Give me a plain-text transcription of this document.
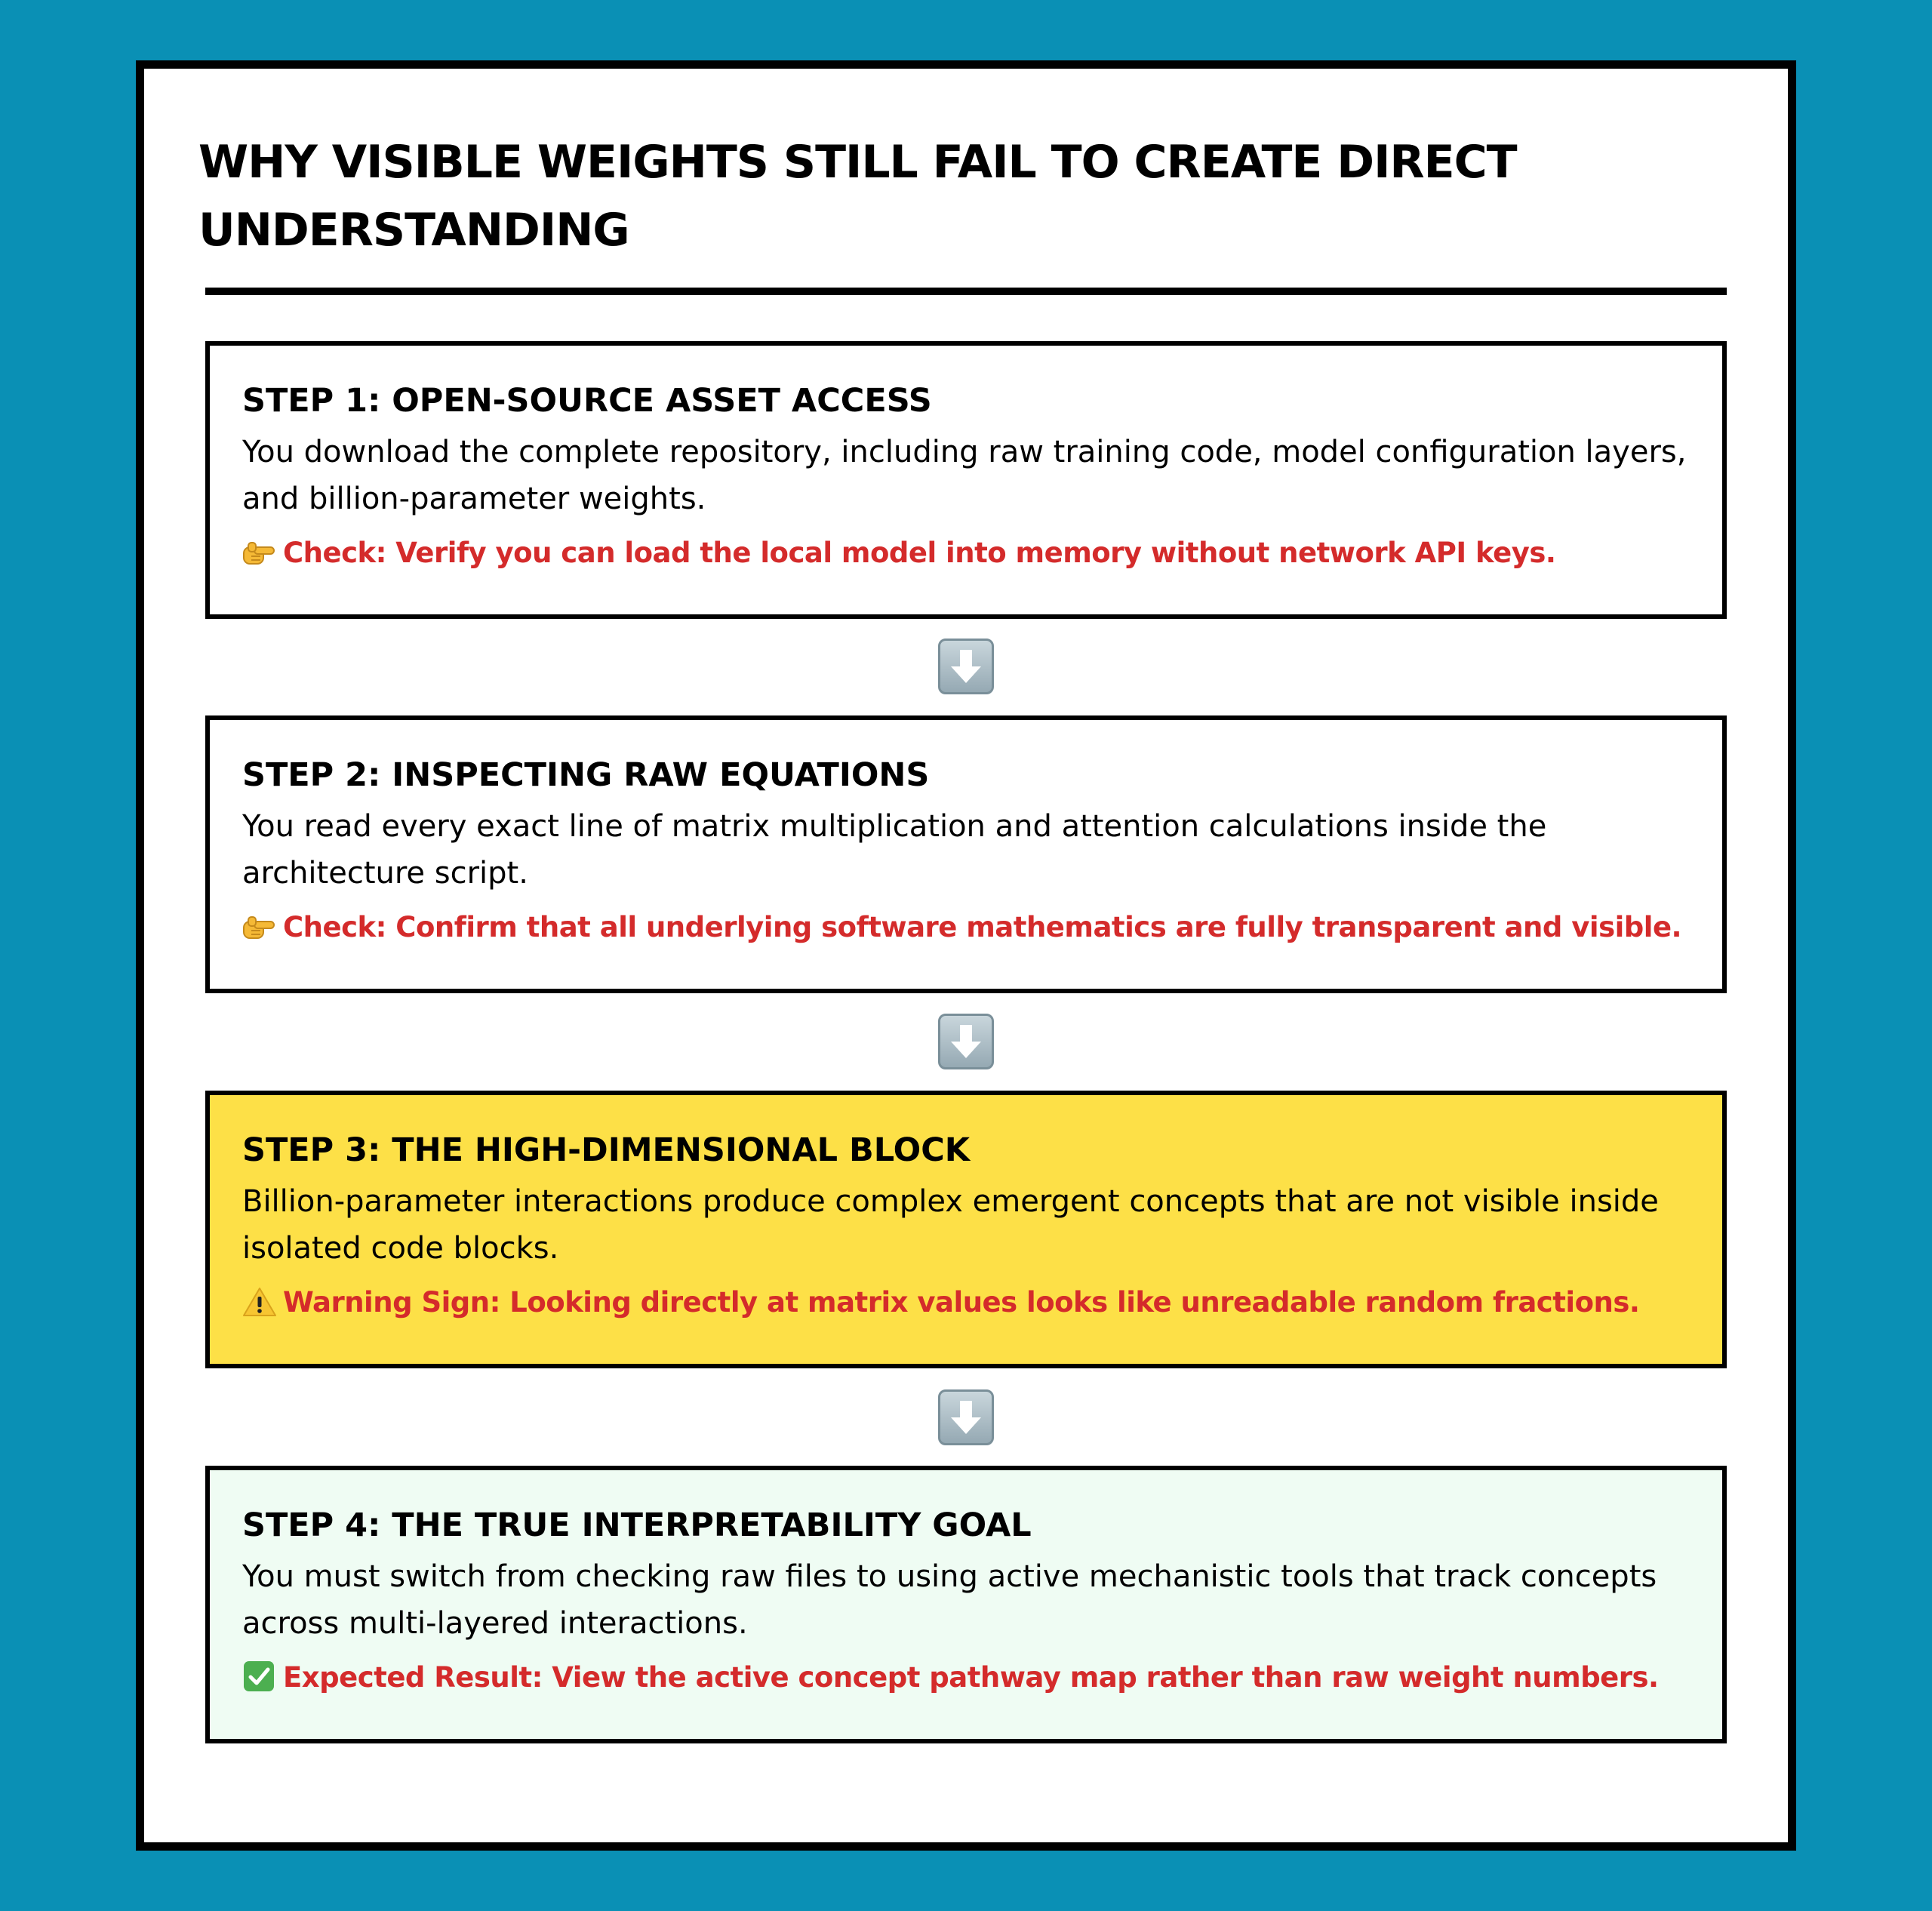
WHY VISIBLE WEIGHTS STILL FAIL TO CREATE DIRECT UNDERSTANDING

STEP 1: OPEN-SOURCE ASSET ACCESS

You download the complete repository, including raw training code, model configuration layers, and billion-parameter weights.

Check: Verify you can load the local model into memory without network API keys.

STEP 2: INSPECTING RAW EQUATIONS

You read every exact line of matrix multiplication and attention calculations inside the architecture script.

Check: Confirm that all underlying software mathematics are fully transparent and visible.

STEP 3: THE HIGH-DIMENSIONAL BLOCK

Billion-parameter interactions produce complex emergent concepts that are not visible inside isolated code blocks.

Warning Sign: Looking directly at matrix values looks like unreadable random fractions.

STEP 4: THE TRUE INTERPRETABILITY GOAL

You must switch from checking raw files to using active mechanistic tools that track concepts across multi-layered interactions.

Expected Result: View the active concept pathway map rather than raw weight numbers.
